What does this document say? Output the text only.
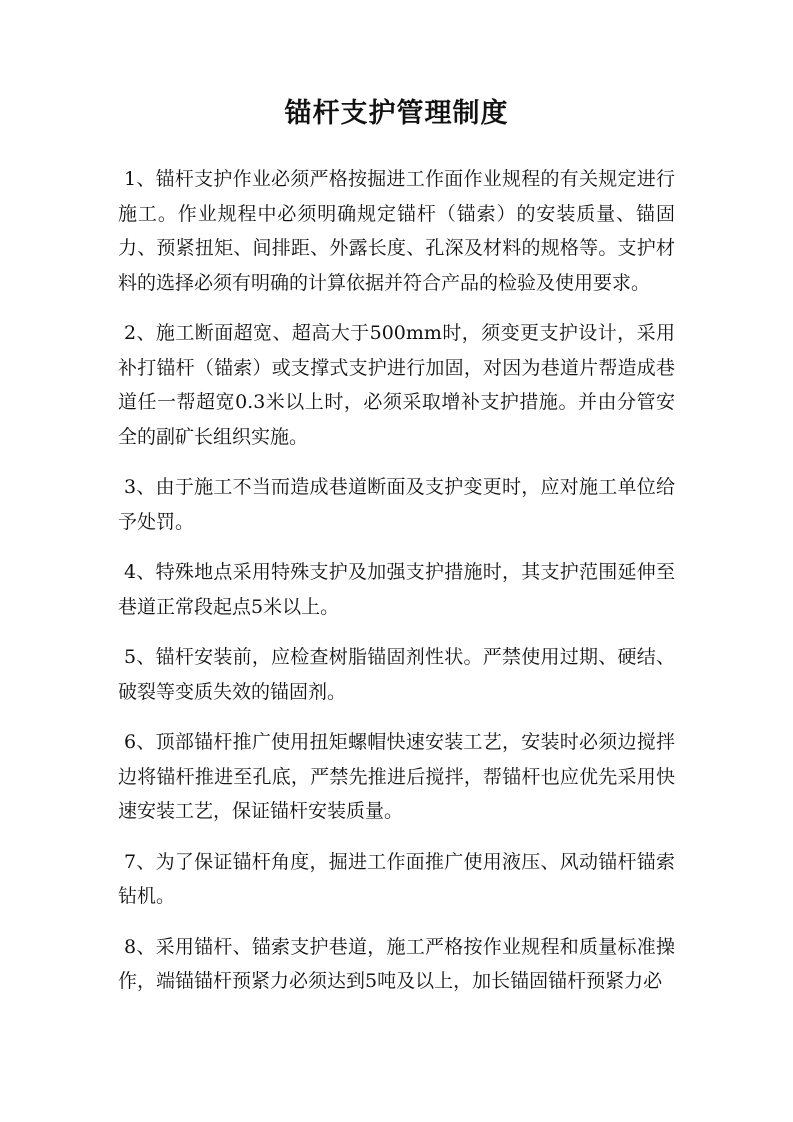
锚杆支护管理制度

1、锚杆支护作业必须严格按掘进工作面作业规程的有关规定进行施工。作业规程中必须明确规定锚杆（锚索）的安装质量、锚固力、预紧扭矩、间排距、外露长度、孔深及材料的规格等。支护材料的选择必须有明确的计算依据并符合产品的检验及使用要求。

2、施工断面超宽、超高大于500mm时，须变更支护设计，采用补打锚杆（锚索）或支撑式支护进行加固，对因为巷道片帮造成巷道任一帮超宽0.3米以上时，必须采取增补支护措施。并由分管安全的副矿长组织实施。

3、由于施工不当而造成巷道断面及支护变更时，应对施工单位给予处罚。

4、特殊地点采用特殊支护及加强支护措施时，其支护范围延伸至巷道正常段起点5米以上。

5、锚杆安装前，应检查树脂锚固剂性状。严禁使用过期、硬结、破裂等变质失效的锚固剂。

6、顶部锚杆推广使用扭矩螺帽快速安装工艺，安装时必须边搅拌边将锚杆推进至孔底，严禁先推进后搅拌，帮锚杆也应优先采用快速安装工艺，保证锚杆安装质量。

7、为了保证锚杆角度，掘进工作面推广使用液压、风动锚杆锚索钻机。

8、采用锚杆、锚索支护巷道，施工严格按作业规程和质量标准操作，端锚锚杆预紧力必须达到5吨及以上，加长锚固锚杆预紧力必
